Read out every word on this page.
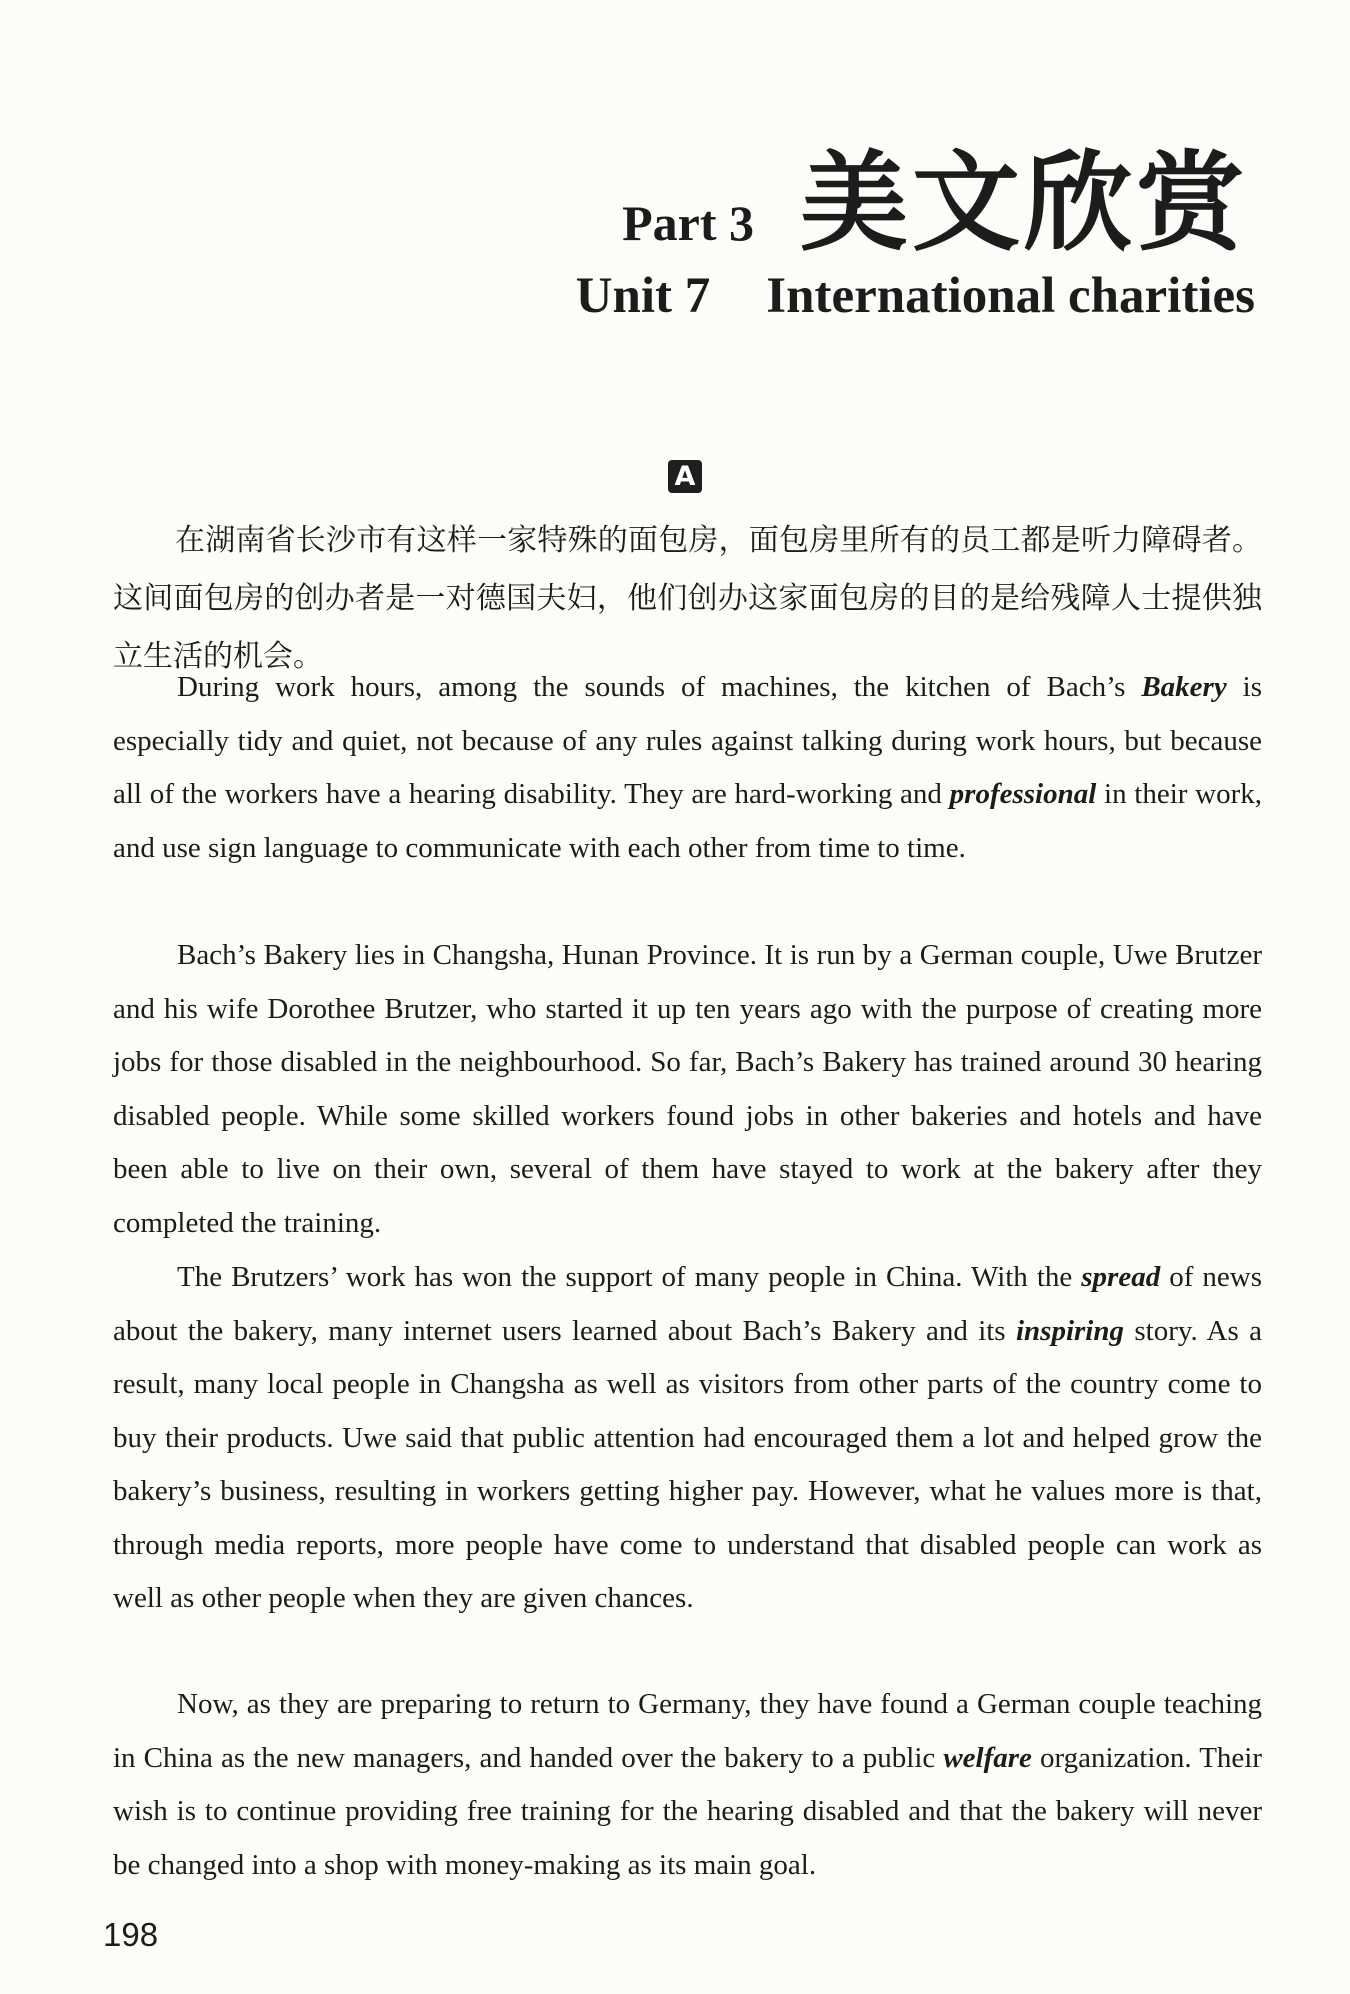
Part 3 美文欣赏
Unit 7 International charities
A

在湖南省长沙市有这样一家特殊的面包房，面包房里所有的员工都是听力障碍者。这间面包房的创办者是一对德国夫妇，他们创办这家面包房的目的是给残障人士提供独立生活的机会。

During work hours, among the sounds of machines, the kitchen of Bach’s Bakery is especially tidy and quiet, not because of any rules against talking during work hours, but because all of the workers have a hearing disability. They are hard-working and professional in their work, and use sign language to communicate with each other from time to time.

Bach’s Bakery lies in Changsha, Hunan Province. It is run by a German couple, Uwe Brutzer and his wife Dorothee Brutzer, who started it up ten years ago with the purpose of creating more jobs for those disabled in the neighbourhood. So far, Bach’s Bakery has trained around 30 hearing disabled people. While some skilled workers found jobs in other bakeries and hotels and have been able to live on their own, several of them have stayed to work at the bakery after they completed the training.

The Brutzers’ work has won the support of many people in China. With the spread of news about the bakery, many internet users learned about Bach’s Bakery and its inspiring story. As a result, many local people in Changsha as well as visitors from other parts of the country come to buy their products. Uwe said that public attention had encouraged them a lot and helped grow the bakery’s business, resulting in workers getting higher pay. However, what he values more is that, through media reports, more people have come to understand that disabled people can work as well as other people when they are given chances.

Now, as they are preparing to return to Germany, they have found a German couple teaching in China as the new managers, and handed over the bakery to a public welfare organization. Their wish is to continue providing free training for the hearing disabled and that the bakery will never be changed into a shop with money-making as its main goal.

198
